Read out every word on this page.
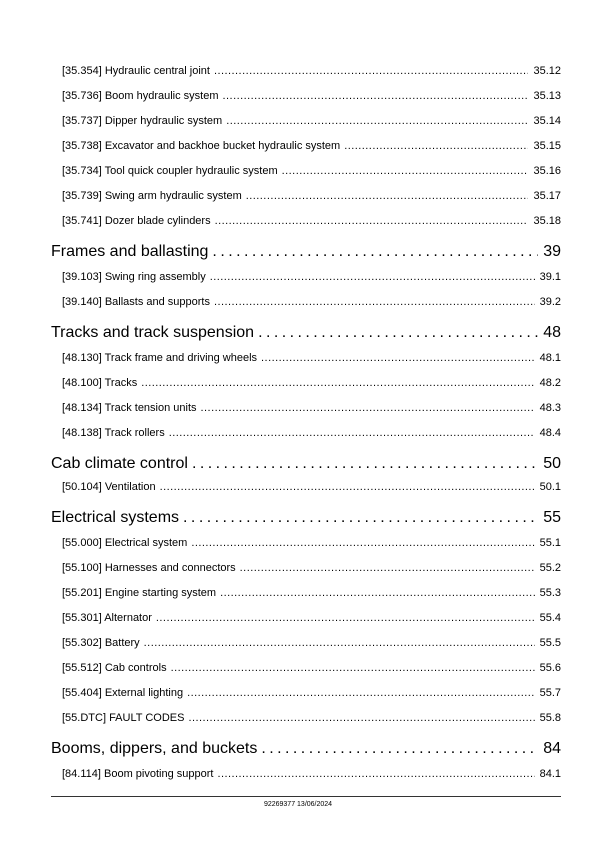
[35.354] Hydraulic central joint . . .	35.12
[35.736] Boom hydraulic system . . .	35.13
[35.737] Dipper hydraulic system . . .	35.14
[35.738] Excavator and backhoe bucket hydraulic system . . .	35.15
[35.734] Tool quick coupler hydraulic system . . .	35.16
[35.739] Swing arm hydraulic system . . .	35.17
[35.741] Dozer blade cylinders . . .	35.18
Frames and ballasting . . .	39
[39.103] Swing ring assembly . . .	39.1
[39.140] Ballasts and supports . . .	39.2
Tracks and track suspension . . .	48
[48.130] Track frame and driving wheels . . .	48.1
[48.100] Tracks . . .	48.2
[48.134] Track tension units . . .	48.3
[48.138] Track rollers . . .	48.4
Cab climate control . . .	50
[50.104] Ventilation . . .	50.1
Electrical systems . . .	55
[55.000] Electrical system . . .	55.1
[55.100] Harnesses and connectors . . .	55.2
[55.201] Engine starting system . . .	55.3
[55.301] Alternator . . .	55.4
[55.302] Battery . . .	55.5
[55.512] Cab controls . . .	55.6
[55.404] External lighting . . .	55.7
[55.DTC] FAULT CODES . . .	55.8
Booms, dippers, and buckets . . .	84
[84.114] Boom pivoting support . . .	84.1
92269377 13/06/2024
